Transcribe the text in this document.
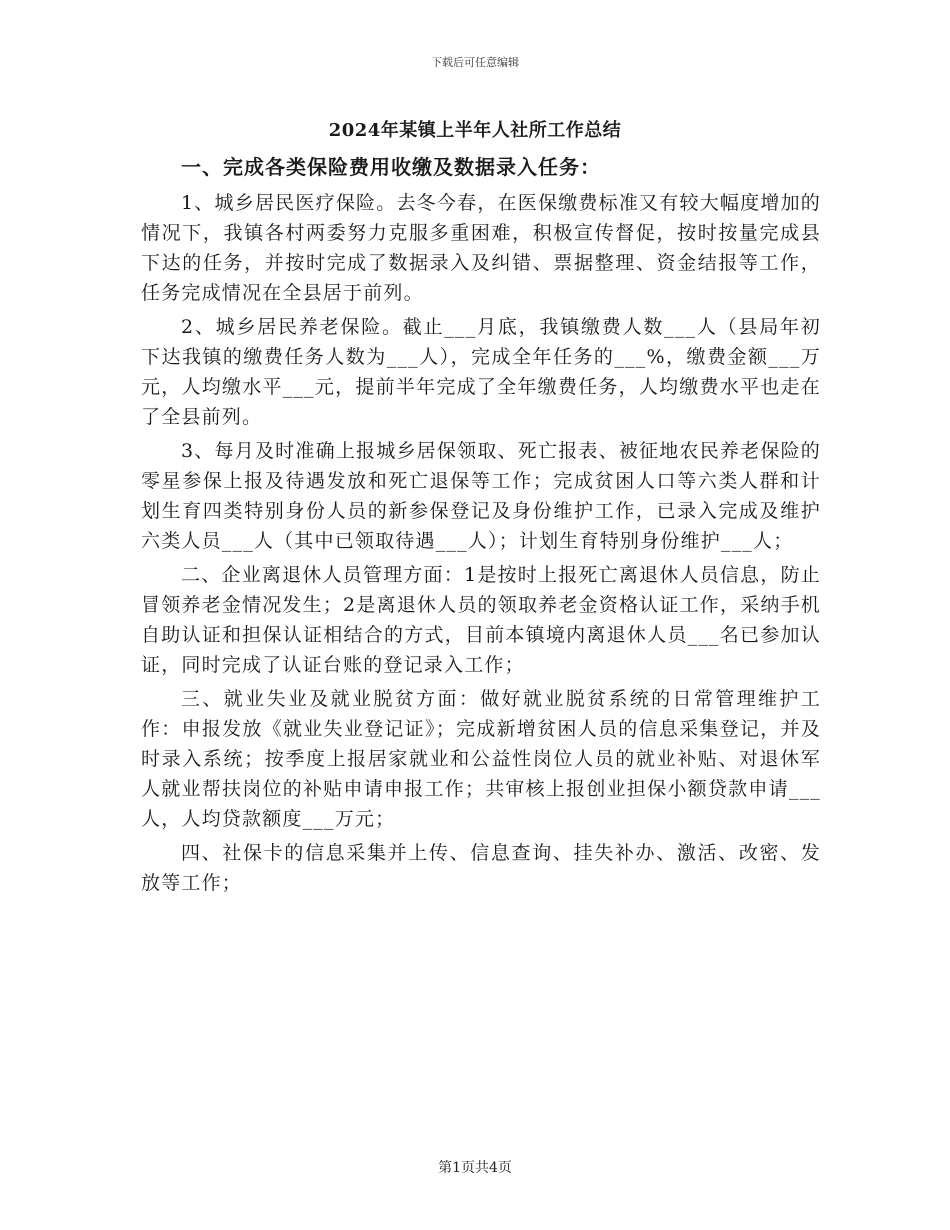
下载后可任意编辑
2024年某镇上半年人社所工作总结

一、完成各类保险费用收缴及数据录入任务：

1、城乡居民医疗保险。去冬今春，在医保缴费标准又有较大幅度增加的情况下，我镇各村两委努力克服多重困难，积极宣传督促，按时按量完成县下达的任务，并按时完成了数据录入及纠错、票据整理、资金结报等工作，任务完成情况在全县居于前列。

2、城乡居民养老保险。截止___月底，我镇缴费人数___人（县局年初下达我镇的缴费任务人数为___人），完成全年任务的___%，缴费金额___万元，人均缴水平___元，提前半年完成了全年缴费任务，人均缴费水平也走在了全县前列。

3、每月及时准确上报城乡居保领取、死亡报表、被征地农民养老保险的零星参保上报及待遇发放和死亡退保等工作；完成贫困人口等六类人群和计划生育四类特别身份人员的新参保登记及身份维护工作，已录入完成及维护六类人员___人（其中已领取待遇___人）；计划生育特别身份维护___人；

二、企业离退休人员管理方面：1是按时上报死亡离退休人员信息，防止冒领养老金情况发生；2是离退休人员的领取养老金资格认证工作，采纳手机自助认证和担保认证相结合的方式，目前本镇境内离退休人员___名已参加认证，同时完成了认证台账的登记录入工作；

三、就业失业及就业脱贫方面：做好就业脱贫系统的日常管理维护工作：申报发放《就业失业登记证》；完成新增贫困人员的信息采集登记，并及时录入系统；按季度上报居家就业和公益性岗位人员的就业补贴、对退休军人就业帮扶岗位的补贴申请申报工作；共审核上报创业担保小额贷款申请___人，人均贷款额度___万元；

四、社保卡的信息采集并上传、信息查询、挂失补办、激活、改密、发放等工作；

第1页共4页
